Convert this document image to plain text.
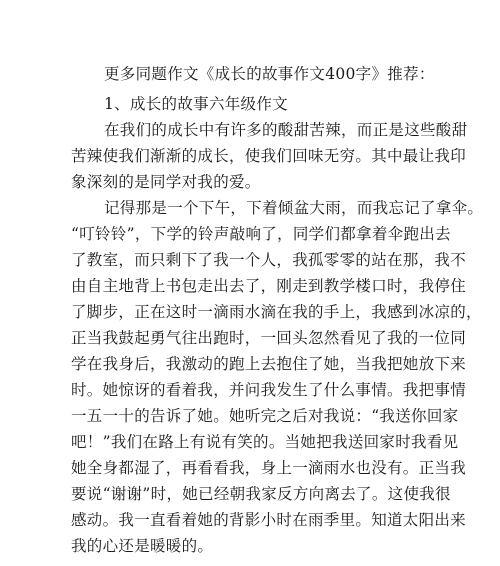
更多同题作文《成长的故事作文400字》推荐：
1、成长的故事六年级作文
在我们的成长中有许多的酸甜苦辣，而正是这些酸甜
苦辣使我们渐渐的成长，使我们回味无穷。其中最让我印
象深刻的是同学对我的爱。
记得那是一个下午，下着倾盆大雨，而我忘记了拿伞。
“叮铃铃”，下学的铃声敲响了，同学们都拿着伞跑出去
了教室，而只剩下了我一个人，我孤零零的站在那，我不
由自主地背上书包走出去了，刚走到教学楼口时，我停住
了脚步，正在这时一滴雨水滴在我的手上，我感到冰凉的，
正当我鼓起勇气往出跑时，一回头忽然看见了我的一位同
学在我身后，我激动的跑上去抱住了她，当我把她放下来
时。她惊讶的看着我，并问我发生了什么事情。我把事情
一五一十的告诉了她。她听完之后对我说：“我送你回家
吧！”我们在路上有说有笑的。当她把我送回家时我看见
她全身都湿了，再看看我，身上一滴雨水也没有。正当我
要说“谢谢”时，她已经朝我家反方向离去了。这使我很
感动。我一直看着她的背影小时在雨季里。知道太阳出来
我的心还是暖暖的。
